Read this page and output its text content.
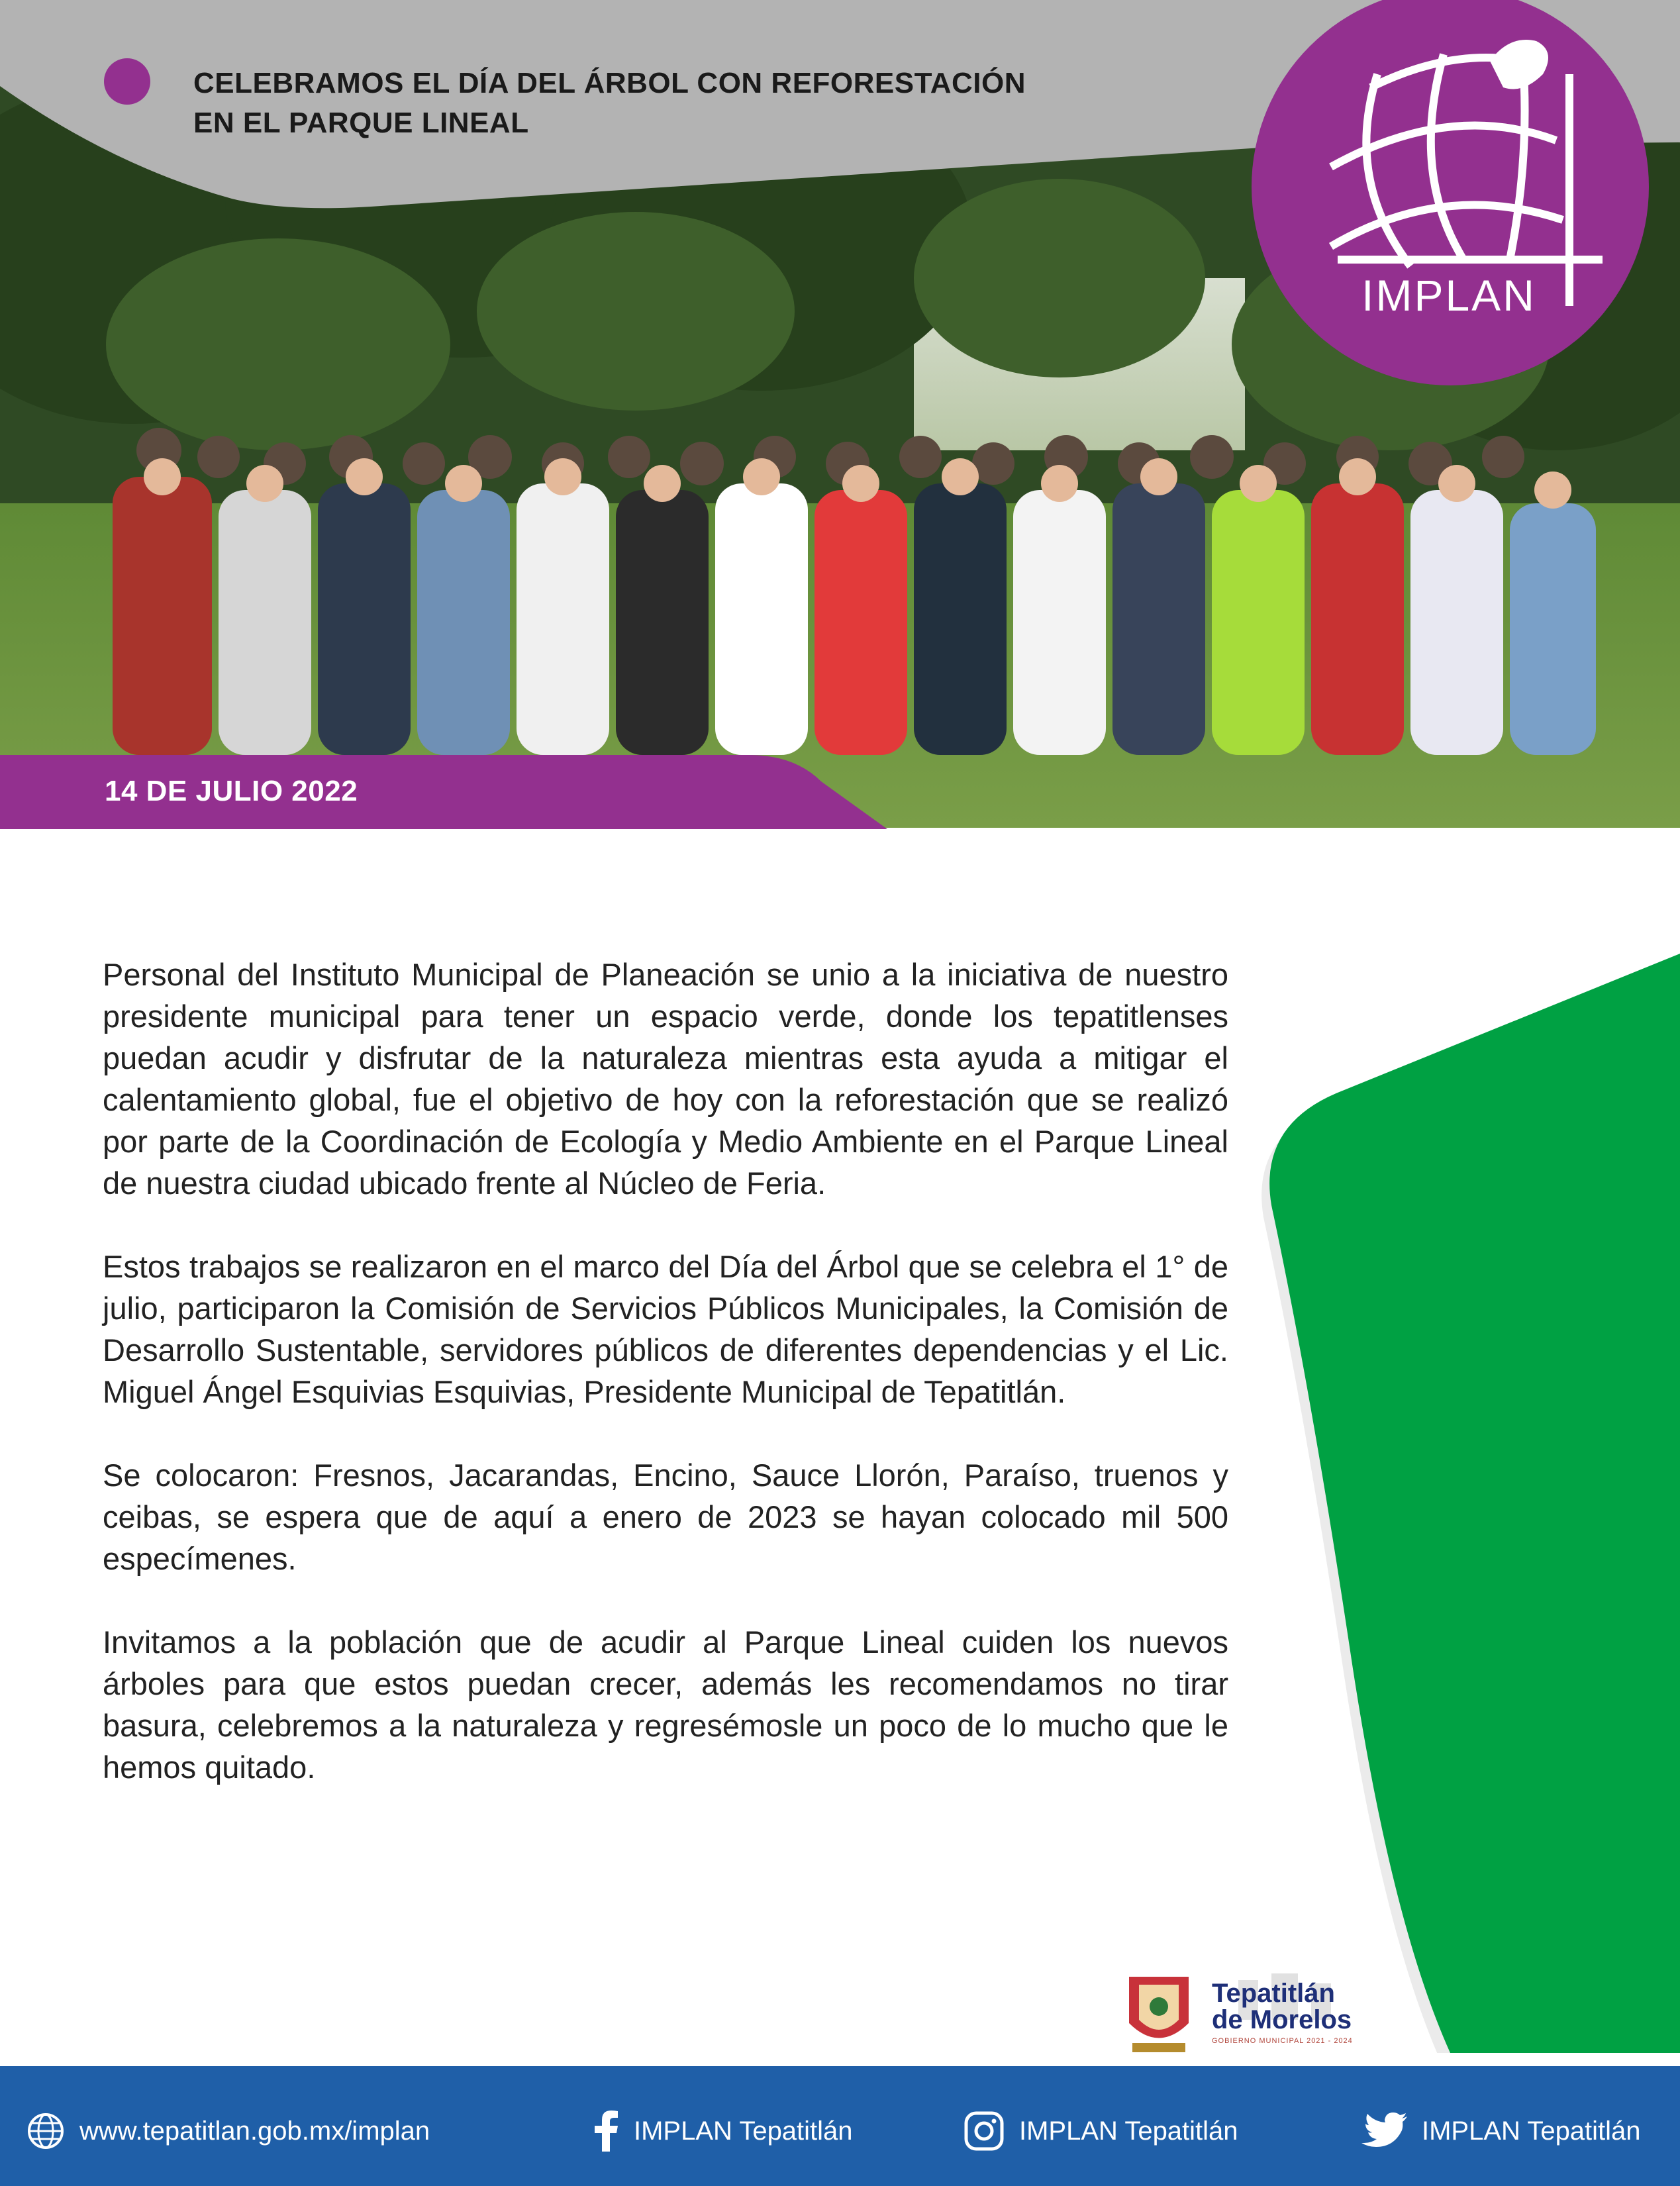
CELEBRAMOS EL DÍA DEL ÁRBOL CON REFORESTACIÓN
EN EL PARQUE LINEAL
IMPLAN
14 DE JULIO 2022

Personal del Instituto Municipal de Planeación se unio a la iniciativa de nuestro presidente municipal para tener un espacio verde, donde los tepatitlenses puedan acudir y disfrutar de la naturaleza mientras esta ayuda a mitigar el calentamiento global, fue el objetivo de hoy con la reforestación que se realizó por parte de la Coordinación de Ecología y Medio Ambiente en el Parque Lineal de nuestra ciudad ubicado frente al Núcleo de Feria.

Estos trabajos se realizaron en el marco del Día del Árbol que se celebra el 1° de julio, participaron la Comisión de Servicios Públicos Municipales, la Comisión de Desarrollo Sustentable, servidores públicos de diferentes dependencias y el Lic. Miguel Ángel Esquivias Esquivias, Presidente Municipal de Tepatitlán.

Se colocaron: Fresnos, Jacarandas, Encino, Sauce Llorón, Paraíso, truenos y ceibas, se espera que de aquí a enero de 2023 se hayan colocado mil 500 especímenes.

Invitamos a la población que de acudir al Parque Lineal cuiden los nuevos árboles para que estos puedan crecer, además les recomendamos no tirar basura, celebremos a la naturaleza y regresémosle un poco de lo mucho que le hemos quitado.

Tepatitlán
de Morelos
GOBIERNO MUNICIPAL 2021 - 2024
www.tepatitlan.gob.mx/implan	IMPLAN Tepatitlán	IMPLAN Tepatitlán	IMPLAN Tepatitlán
